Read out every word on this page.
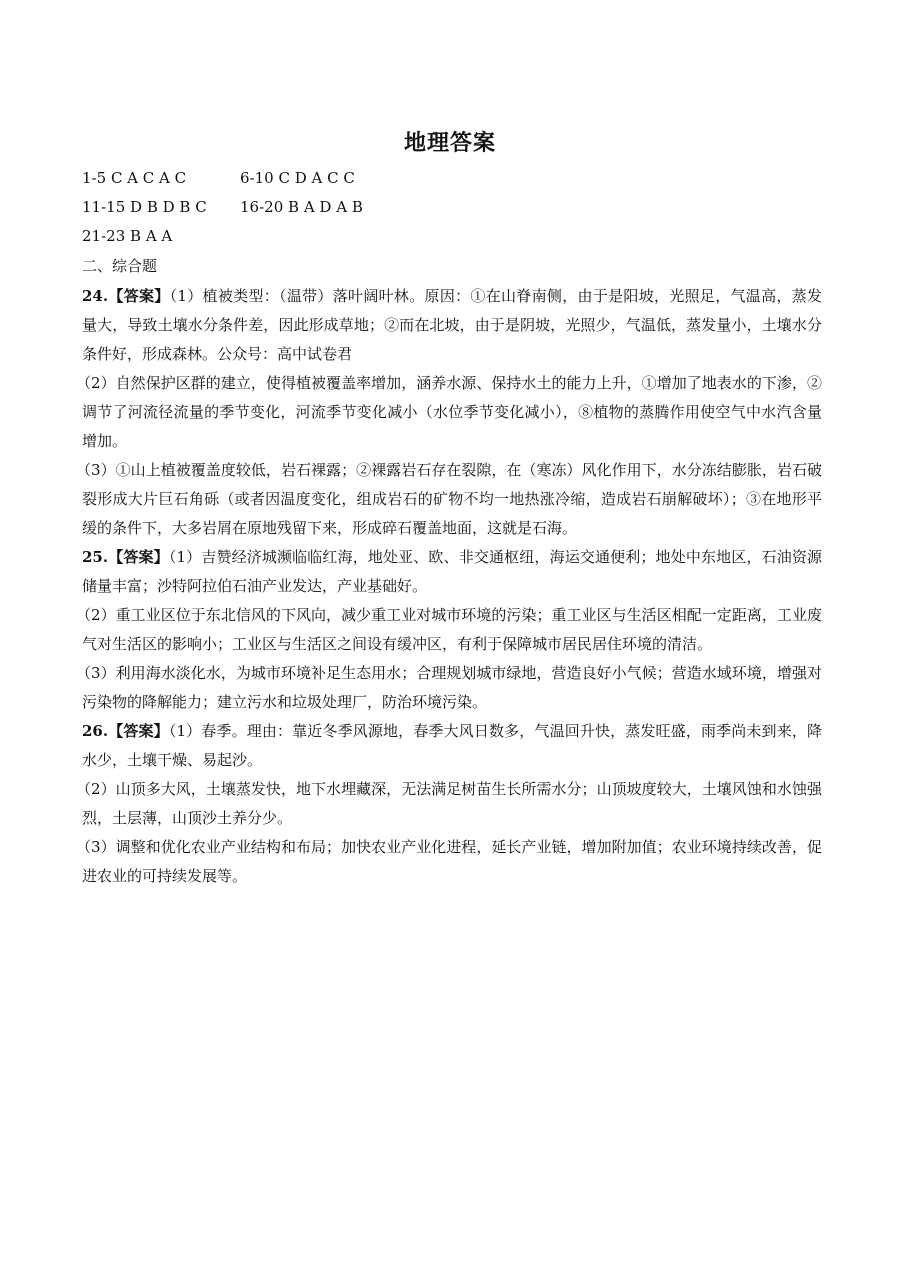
地理答案
1-5 C A C A C	6-10 C D A C C
11-15 D B D B C 16-20 B A D A B
21-23 B A A
二、综合题

24.【答案】（1）植被类型：（温带）落叶阔叶林。原因：①在山脊南侧，由于是阳坡，光照足，气温高，蒸发量大，导致土壤水分条件差，因此形成草地；②而在北坡，由于是阴坡，光照少，气温低，蒸发量小，土壤水分条件好，形成森林。公众号：高中试卷君

（2）自然保护区群的建立，使得植被覆盖率增加，涵养水源、保持水土的能力上升，①增加了地表水的下渗，②调节了河流径流量的季节变化，河流季节变化减小（水位季节变化减小），⑧植物的蒸腾作用使空气中水汽含量增加。

（3）①山上植被覆盖度较低，岩石裸露；②裸露岩石存在裂隙，在（寒冻）风化作用下，水分冻结膨胀，岩石破裂形成大片巨石角砾（或者因温度变化，组成岩石的矿物不均一地热涨冷缩，造成岩石崩解破坏）；③在地形平缓的条件下，大多岩屑在原地残留下来，形成碎石覆盖地面，这就是石海。

25.【答案】（1）吉赞经济城濒临临红海，地处亚、欧、非交通枢纽，海运交通便利；地处中东地区，石油资源储量丰富；沙特阿拉伯石油产业发达，产业基础好。

（2）重工业区位于东北信风的下风向，减少重工业对城市环境的污染；重工业区与生活区相配一定距离，工业废气对生活区的影响小；工业区与生活区之间设有缓冲区，有利于保障城市居民居住环境的清洁。

（3）利用海水淡化水，为城市环境补足生态用水；合理规划城市绿地，营造良好小气候；营造水域环境，增强对污染物的降解能力；建立污水和垃圾处理厂，防治环境污染。

26.【答案】（1）春季。理由：靠近冬季风源地，春季大风日数多，气温回升快，蒸发旺盛，雨季尚未到来，降水少，土壤干燥、易起沙。

（2）山顶多大风，土壤蒸发快，地下水埋藏深，无法满足树苗生长所需水分；山顶坡度较大，土壤风蚀和水蚀强烈，土层薄，山顶沙土养分少。

（3）调整和优化农业产业结构和布局；加快农业产业化进程，延长产业链，增加附加值；农业环境持续改善，促进农业的可持续发展等。
